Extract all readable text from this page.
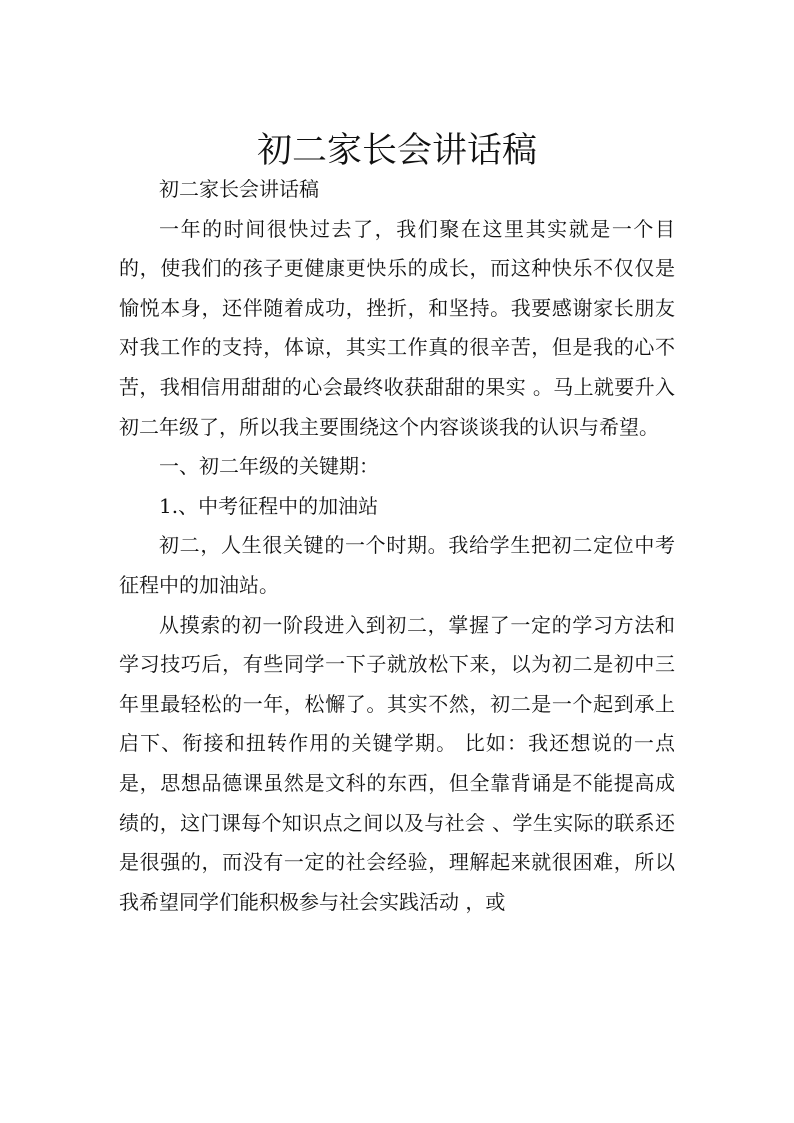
初二家长会讲话稿

初二家长会讲话稿

一年的时间很快过去了，我们聚在这里其实就是一个目的，使我们的孩子更健康更快乐的成长，而这种快乐不仅仅是愉悦本身，还伴随着成功，挫折，和坚持。我要感谢家长朋友对我工作的支持，体谅，其实工作真的很辛苦，但是我的心不苦，我相信用甜甜的心会最终收获甜甜的果实 。马上就要升入初二年级了，所以我主要围绕这个内容谈谈我的认识与希望。

一、初二年级的关键期：

1.、中考征程中的加油站

初二，人生很关键的一个时期。我给学生把初二定位中考征程中的加油站。

从摸索的初一阶段进入到初二，掌握了一定的学习方法和学习技巧后，有些同学一下子就放松下来，以为初二是初中三年里最轻松的一年，松懈了。其实不然，初二是一个起到承上启下、衔接和扭转作用的关键学期。 比如：我还想说的一点是，思想品德课虽然是文科的东西，但全靠背诵是不能提高成绩的，这门课每个知识点之间以及与社会 、学生实际的联系还是很强的，而没有一定的社会经验，理解起来就很困难，所以我希望同学们能积极参与社会实践活动 ，或
